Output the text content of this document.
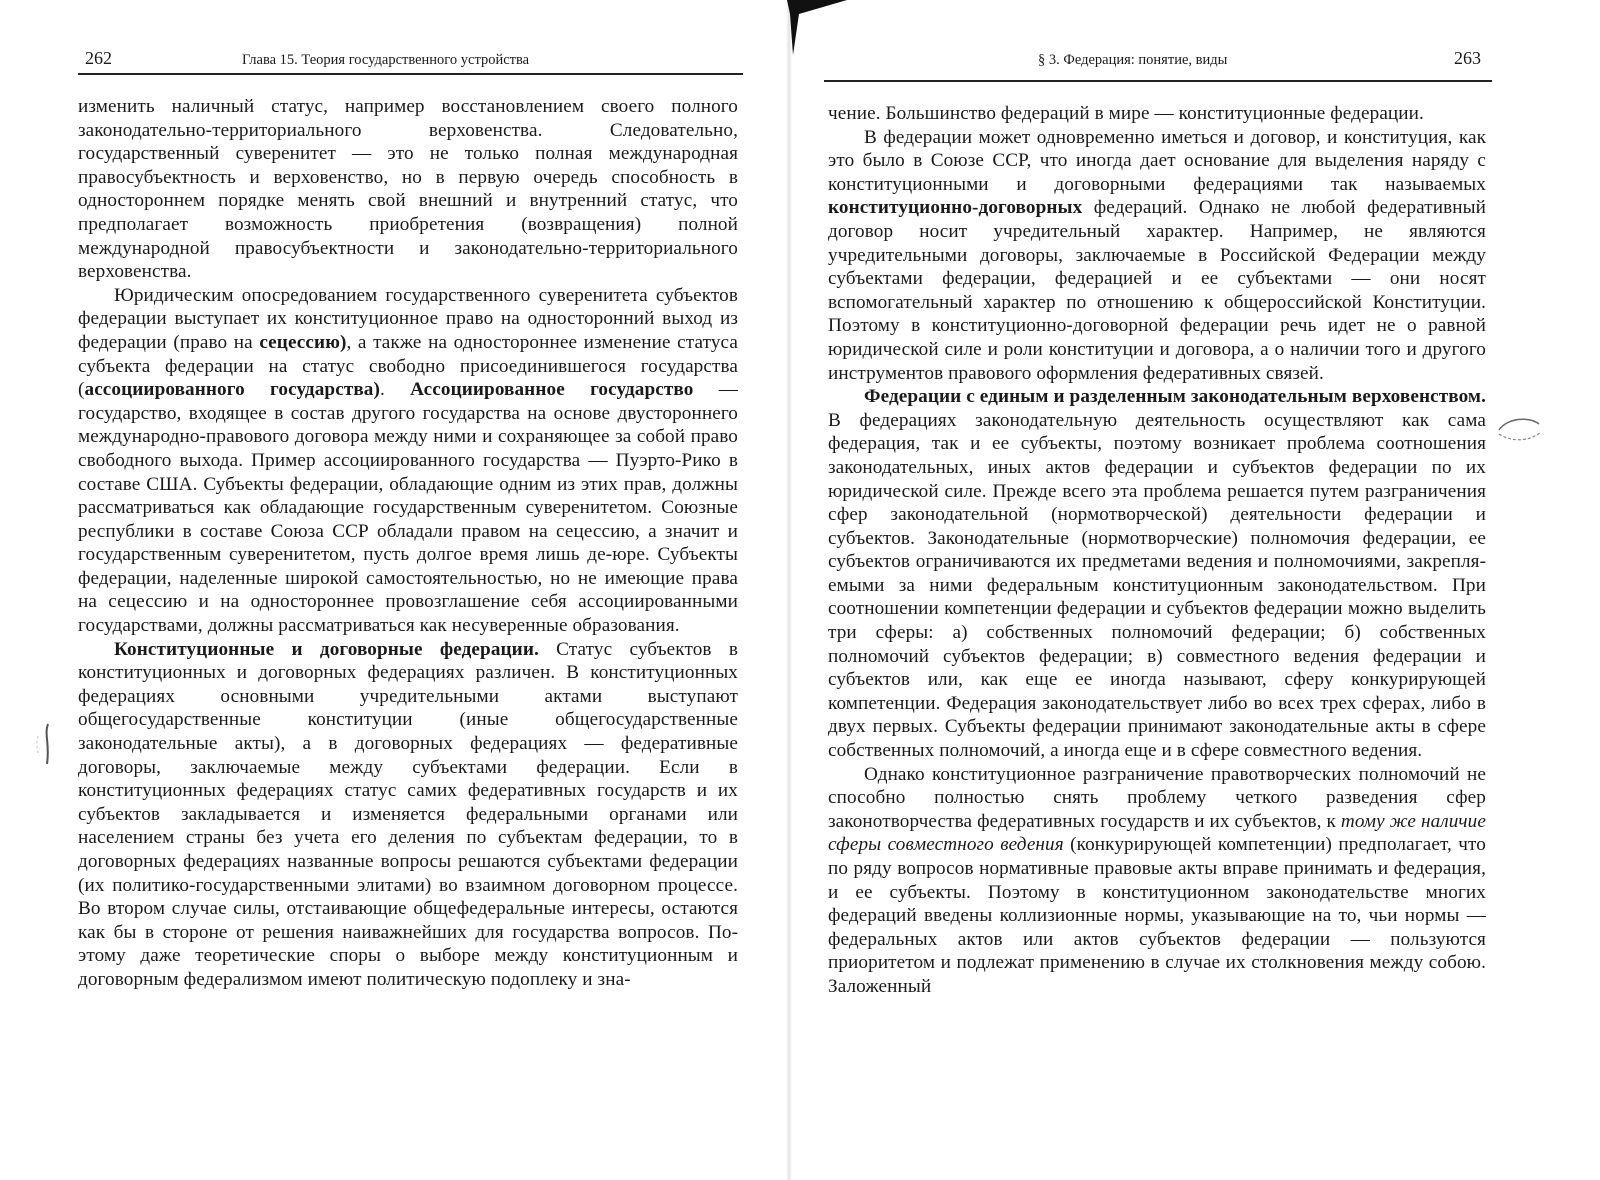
262	Глава 15. Теория государственного устройства

изменить наличный статус, например восстановлением своего полного законодательно-территориального верховенства. Следовательно, государственный суверенитет — это не только полная международная правосубъектность и верховенство, но в первую очередь способность в одностороннем порядке менять свой внешний и внутренний статус, что предполагает возможность приобретения (возвращения) полной международной правосубъектности и законодательно-территориального верховенства.

Юридическим опосредованием государственного суверенитета субъектов федерации выступает их конституционное право на односторонний выход из федерации (право на сецессию), а также на одностороннее изменение статуса субъекта федерации на статус свободно присоединившегося государства (ассоциированного государства). Ассоциированное государство — государство, входящее в состав другого государства на основе двустороннего международно-правового договора между ними и сохраняющее за собой право свободного выхода. Пример ассоциированного государства — Пуэрто-Рико в составе США. Субъекты федерации, обладающие одним из этих прав, должны рассматриваться как обладающие государственным суверенитетом. Союзные республики в составе Союза ССР обладали правом на сецессию, а значит и государственным суверенитетом, пусть долгое время лишь де-юре. Субъекты федерации, наделенные широкой самостоятельностью, но не имеющие права на сецессию и на одностороннее провозглашение себя ассоциированными государствами, должны рассматриваться как несуверенные образования.

Конституционные и договорные федерации. Статус субъектов в конституционных и договорных федерациях различен. В конституционных федерациях основными учредительными актами выступают общегосударственные конституции (иные общегосударственные законодательные акты), а в договорных федерациях — федеративные договоры, заключаемые между субъектами федерации. Если в конституционных федерациях статус самих федеративных государств и их субъектов закладывается и изменяется федеральными органами или населением страны без учета его деления по субъектам федерации, то в договорных федерациях названные вопросы решаются субъектами федерации (их политико-государственными элитами) во взаимном договорном процессе. Во втором случае силы, отстаивающие общефедеральные интересы, остаются как бы в стороне от решения наиважнейших для государства вопросов. Поэтому даже теоретические споры о выборе между конституционным и договорным федерализмом имеют политическую подоплеку и зна-

§ 3. Федерация: понятие, виды	263

чение. Большинство федераций в мире — конституционные федерации.

В федерации может одновременно иметься и договор, и конституция, как это было в Союзе ССР, что иногда дает основание для выделения наряду с конституционными и договорными федерациями так называемых конституционно-договорных федераций. Однако не любой федеративный договор носит учредительный характер. Например, не являются учредительными договоры, заключаемые в Российской Федерации между субъектами федерации, федерацией и ее субъектами — они носят вспомогательный характер по отношению к общероссийской Конституции. Поэтому в конституционно-договорной федерации речь идет не о равной юридической силе и роли конституции и договора, а о наличии того и другого инструментов правового оформления федеративных связей.

Федерации с единым и разделенным законодательным верховенством. В федерациях законодательную деятельность осуществляют как сама федерация, так и ее субъекты, поэтому возникает проблема соотношения законодательных, иных актов федерации и субъектов федерации по их юридической силе. Прежде всего эта проблема решается путем разграничения сфер законодательной (нормотворческой) деятельности федерации и субъектов. Законодательные (нормотворческие) полномочия федерации, ее субъектов ограничиваются их предметами ведения и полномочиями, закрепляемыми за ними федеральным конституционным законодательством. При соотношении компетенции федерации и субъектов федерации можно выделить три сферы: а) собственных полномочий федерации; б) собственных полномочий субъектов федерации; в) совместного ведения федерации и субъектов или, как еще ее иногда называют, сферу конкурирующей компетенции. Федерация законодательствует либо во всех трех сферах, либо в двух первых. Субъекты федерации принимают законодательные акты в сфере собственных полномочий, а иногда еще и в сфере совместного ведения.

Однако конституционное разграничение правотворческих полномочий не способно полностью снять проблему четкого разведения сфер законотворчества федеративных государств и их субъектов, к тому же наличие сферы совместного ведения (конкурирующей компетенции) предполагает, что по ряду вопросов нормативные правовые акты вправе принимать и федерация, и ее субъекты. Поэтому в конституционном законодательстве многих федераций введены коллизионные нормы, указывающие на то, чьи нормы — федеральных актов или актов субъектов федерации — пользуются приоритетом и подлежат применению в случае их столкновения между собою. Заложенный
